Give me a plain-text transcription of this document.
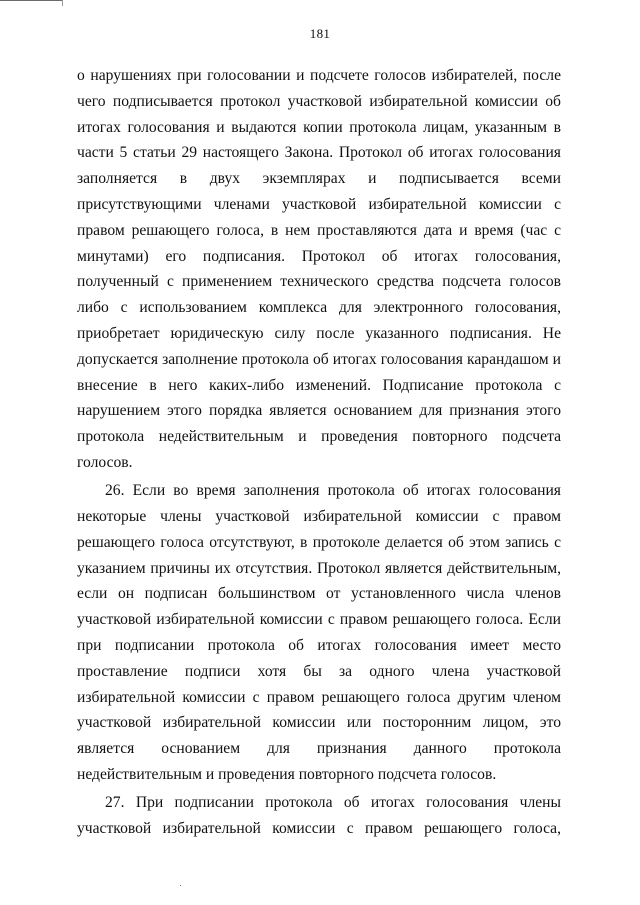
181

о нарушениях при голосовании и подсчете голосов избирателей, после чего подписывается протокол участковой избирательной комиссии об итогах голосования и выдаются копии протокола лицам, указанным в части 5 статьи 29 настоящего Закона. Протокол об итогах голосования заполняется в двух экземплярах и подписывается всеми присутствующими членами участковой избирательной комиссии с правом решающего голоса, в нем проставляются дата и время (час с минутами) его подписания. Протокол об итогах голосования, полученный с применением технического средства подсчета голосов либо с использованием комплекса для электронного голосования, приобретает юридическую силу после указанного подписания. Не допускается заполнение протокола об итогах голосования карандашом и внесение в него каких-либо изменений. Подписание протокола с нарушением этого порядка является основанием для признания этого протокола недействительным и проведения повторного подсчета голосов.

26. Если во время заполнения протокола об итогах голосования некоторые члены участковой избирательной комиссии с правом решающего голоса отсутствуют, в протоколе делается об этом запись с указанием причины их отсутствия. Протокол является действительным, если он подписан большинством от установленного числа членов участковой избирательной комиссии с правом решающего голоса. Если при подписании протокола об итогах голосования имеет место проставление подписи хотя бы за одного члена участковой избирательной комиссии с правом решающего голоса другим членом участковой избирательной комиссии или посторонним лицом, это является основанием для признания данного протокола недействительным и проведения повторного подсчета голосов.

27. При подписании протокола об итогах голосования члены участковой избирательной комиссии с правом решающего голоса,
